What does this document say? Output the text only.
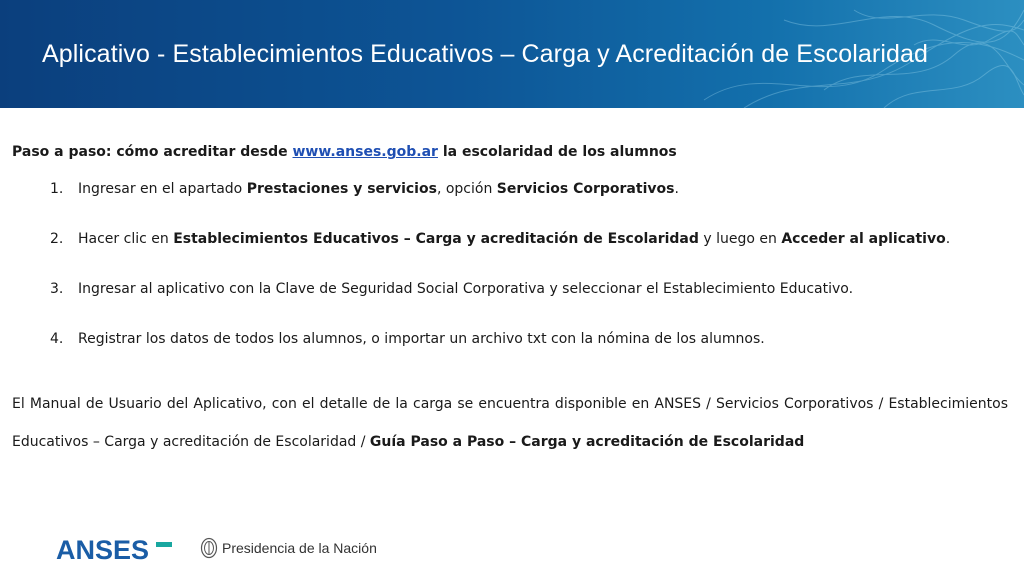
Aplicativo - Establecimientos Educativos – Carga y Acreditación de Escolaridad

Paso a paso: cómo acreditar desde www.anses.gob.ar la escolaridad de los alumnos

1. Ingresar en el apartado Prestaciones y servicios, opción Servicios Corporativos.
2. Hacer clic en Establecimientos Educativos – Carga y acreditación de Escolaridad y luego en Acceder al aplicativo.
3. Ingresar al aplicativo con la Clave de Seguridad Social Corporativa y seleccionar el Establecimiento Educativo.
4. Registrar los datos de todos los alumnos, o importar un archivo txt con la nómina de los alumnos.

El Manual de Usuario del Aplicativo, con el detalle de la carga se encuentra disponible en ANSES / Servicios Corporativos / Establecimientos Educativos – Carga y acreditación de Escolaridad / Guía Paso a Paso – Carga y acreditación de Escolaridad

ANSES	Presidencia de la Nación
